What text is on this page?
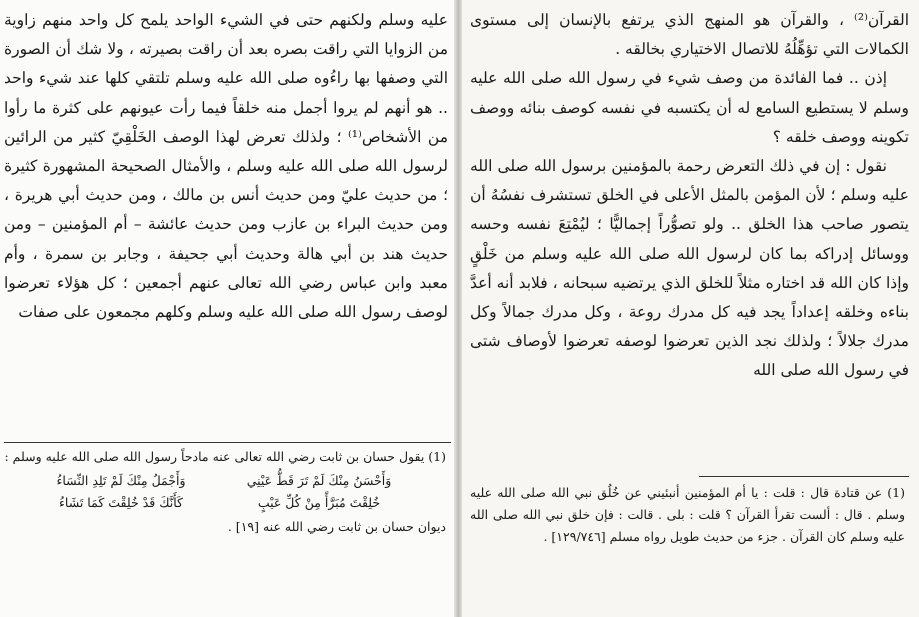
عليه وسلم ولكنهم حتى في الشيء الواحد يلمح كل واحد منهم زاوية من الزوايا التي راقت بصره بعد أن راقت بصيرته ، ولا شك أن الصورة التي وصفها بها راءُوه صلى الله عليه وسلم تلتقي كلها عند شيء واحد .. هو أنهم لم يروا أجمل منه خلقاً فيما رأت عيونهم على كثرة ما رأوا من الأشخاص⁽¹⁾ ؛ ولذلك تعرض لهذا الوصف الخَلْقِيّ كثير من الرائين لرسول الله صلى الله عليه وسلم ، والأمثال الصحيحة المشهورة كثيرة ؛ من حديث عليّ ومن حديث أنس بن مالك ، ومن حديث أبي هريرة ، ومن حديث البراء بن عازب ومن حديث عائشة – أم المؤمنين – ومن حديث هند بن أبي هالة وحديث أبي جحيفة ، وجابر بن سمرة ، وأم معبد وابن عباس رضي الله تعالى عنهم أجمعين ؛ كل هؤلاء تعرضوا لوصف رسول الله صلى الله عليه وسلم وكلهم مجمعون على صفات

(1) يقول حسان بن ثابت رضي الله تعالى عنه مادحاً رسول الله صلى الله عليه وسلم :

وَأَحْسَنُ مِنْكَ لَمْ تَرَ قَطُّ عَيْنِي
وَأَجْمَلُ مِنْكَ لَمْ تَلِدِ النِّسَاءُ
خُلِقْتَ مُبَرَّأً مِنْ كُلِّ عَيْبٍ
كَأَنَّكَ قَدْ خُلِقْتَ كَمَا تَشَاءُ

ديوان حسان بن ثابت رضي الله عنه [١٩] .

القرآن⁽²⁾ ، والقرآن هو المنهج الذي يرتفع بالإنسان إلى مستوى الكمالات التي تؤهِّلُهُ للاتصال الاختياري بخالقه .

إذن .. فما الفائدة من وصف شيء في رسول الله صلى الله عليه وسلم لا يستطيع السامع له أن يكتسبه في نفسه كوصف بنائه ووصف تكوينه ووصف خلقه ؟

نقول : إن في ذلك التعرض رحمة بالمؤمنين برسول الله صلى الله عليه وسلم ؛ لأن المؤمن بالمثل الأعلى في الخلق تستشرف نفسُهُ أن يتصور صاحب هذا الخلق .. ولو تصوُّراً إجماليًّا ؛ ليُمْتِعَ نفسه وحسه ووسائل إدراكه بما كان لرسول الله صلى الله عليه وسلم من خَلْقٍ وإذا كان الله قد اختاره مثلاً للخلق الذي يرتضيه سبحانه ، فلابد أنه أعدَّ بناءه وخلقه إعداداً يجد فيه كل مدرك روعة ، وكل مدرك جمالاً وكل مدرك جلالاً ؛ ولذلك نجد الذين تعرضوا لوصفه تعرضوا لأوصاف شتى في رسول الله صلى الله

(1) عن قتادة قال : قلت : يا أم المؤمنين أنبئيني عن خُلُق نبي الله صلى الله عليه وسلم . قال : ألست تقرأ القرآن ؟ قلت : بلى . قالت : فإن خلق نبي الله صلى الله عليه وسلم كان القرآن . جزء من حديث طويل رواه مسلم [١٢٩/٧٤٦] .
